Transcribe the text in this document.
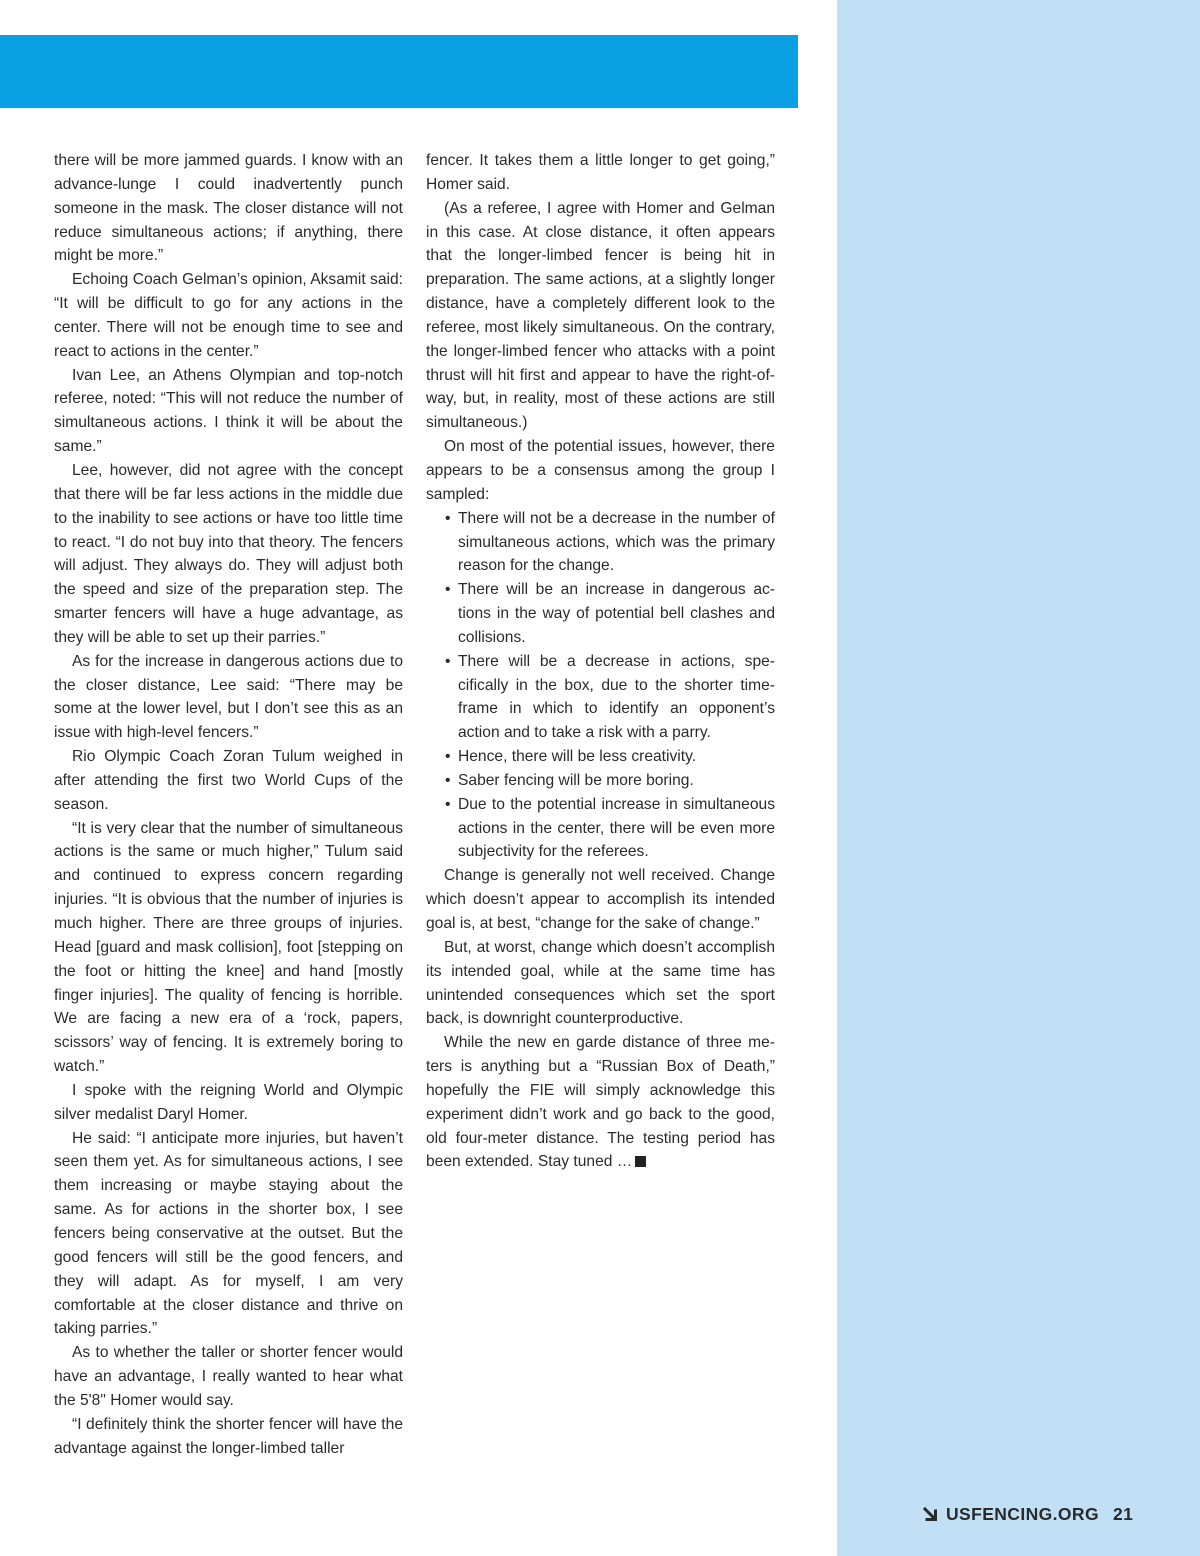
there will be more jammed guards. I know with an advance-lunge I could inadvertently punch someone in the mask. The closer distance will not reduce simultaneous actions; if anything, there might be more.”

Echoing Coach Gelman’s opinion, Aksamit said: “It will be difficult to go for any actions in the center. There will not be enough time to see and react to actions in the center.”

Ivan Lee, an Athens Olympian and top-notch referee, noted: “This will not reduce the number of simultaneous actions. I think it will be about the same.”

Lee, however, did not agree with the concept that there will be far less actions in the middle due to the inability to see actions or have too little time to react. “I do not buy into that theory. The fencers will adjust. They always do. They will adjust both the speed and size of the preparation step. The smarter fencers will have a huge advantage, as they will be able to set up their parries.”

As for the increase in dangerous actions due to the closer distance, Lee said: “There may be some at the lower level, but I don’t see this as an issue with high-level fencers.”

Rio Olympic Coach Zoran Tulum weighed in after attending the first two World Cups of the season.

“It is very clear that the number of simultaneous actions is the same or much higher,” Tulum said and continued to express concern regarding injuries. “It is obvious that the number of injuries is much higher. There are three groups of injuries. Head [guard and mask collision], foot [stepping on the foot or hitting the knee] and hand [mostly finger injuries]. The quality of fencing is horrible. We are facing a new era of a ‘rock, papers, scissors’ way of fencing. It is extremely boring to watch.”

I spoke with the reigning World and Olympic silver medalist Daryl Homer.

He said: “I anticipate more injuries, but haven’t seen them yet. As for simultaneous actions, I see them increasing or maybe staying about the same. As for actions in the shorter box, I see fencers being conservative at the outset. But the good fencers will still be the good fencers, and they will adapt. As for myself, I am very comfortable at the closer distance and thrive on taking parries.”

As to whether the taller or shorter fencer would have an advantage, I really wanted to hear what the 5'8" Homer would say.

“I definitely think the shorter fencer will have the advantage against the longer-limbed taller

fencer. It takes them a little longer to get going,” Homer said.

(As a referee, I agree with Homer and Gelman in this case. At close distance, it often appears that the longer-limbed fencer is being hit in preparation. The same actions, at a slightly longer distance, have a completely different look to the referee, most likely simultaneous. On the contrary, the longer-limbed fencer who attacks with a point thrust will hit first and appear to have the right-of-way, but, in reality, most of these actions are still simultaneous.)

On most of the potential issues, however, there appears to be a consensus among the group I sampled:

• There will not be a decrease in the number of simultaneous actions, which was the primary reason for the change.
• There will be an increase in dangerous actions in the way of potential bell clashes and collisions.
• There will be a decrease in actions, specifically in the box, due to the shorter timeframe in which to identify an opponent’s action and to take a risk with a parry.
• Hence, there will be less creativity.
• Saber fencing will be more boring.
• Due to the potential increase in simultaneous actions in the center, there will be even more subjectivity for the referees.

Change is generally not well received. Change which doesn’t appear to accomplish its intended goal is, at best, “change for the sake of change.”

But, at worst, change which doesn’t accomplish its intended goal, while at the same time has unintended consequences which set the sport back, is downright counterproductive.

While the new en garde distance of three meters is anything but a “Russian Box of Death,” hopefully the FIE will simply acknowledge this experiment didn’t work and go back to the good, old four-meter distance. The testing period has been extended. Stay tuned …

USFENCING.ORG 21
